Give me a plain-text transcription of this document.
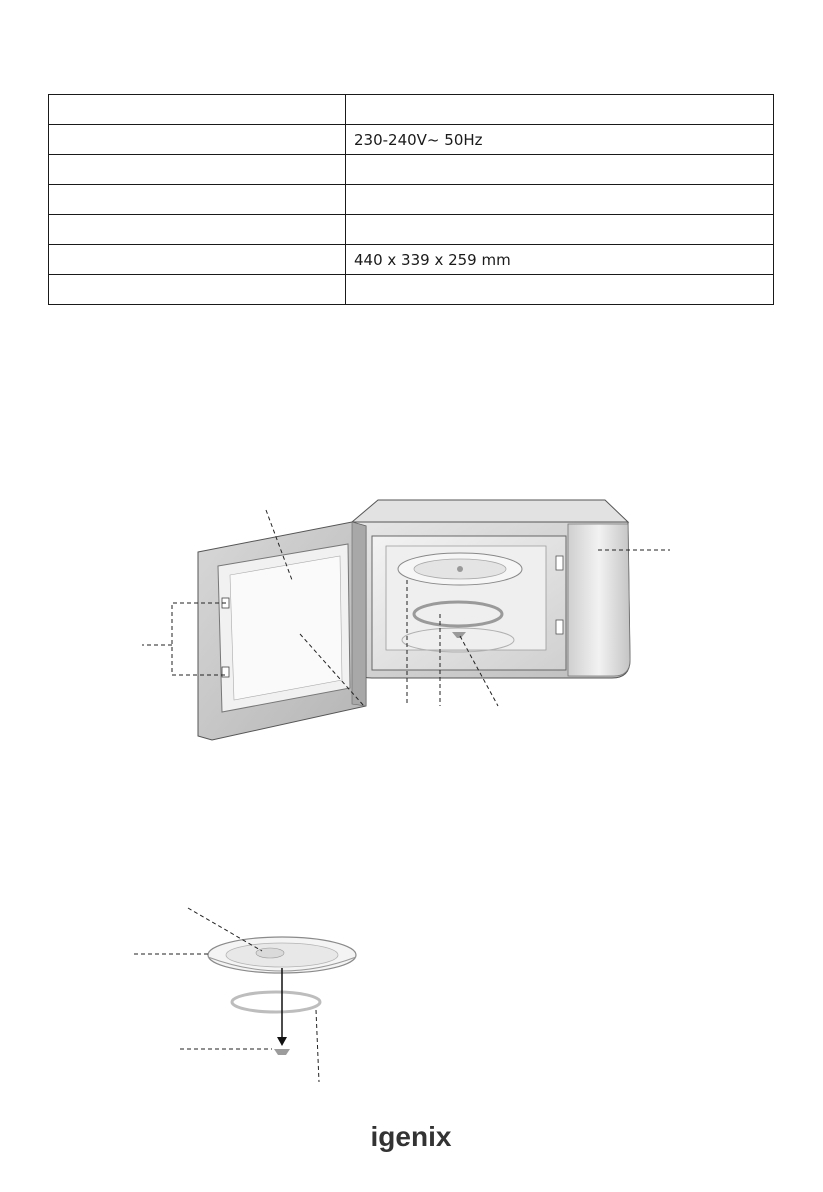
	230-240V~ 50Hz

	440 x 339 x 259 mm

igenix
